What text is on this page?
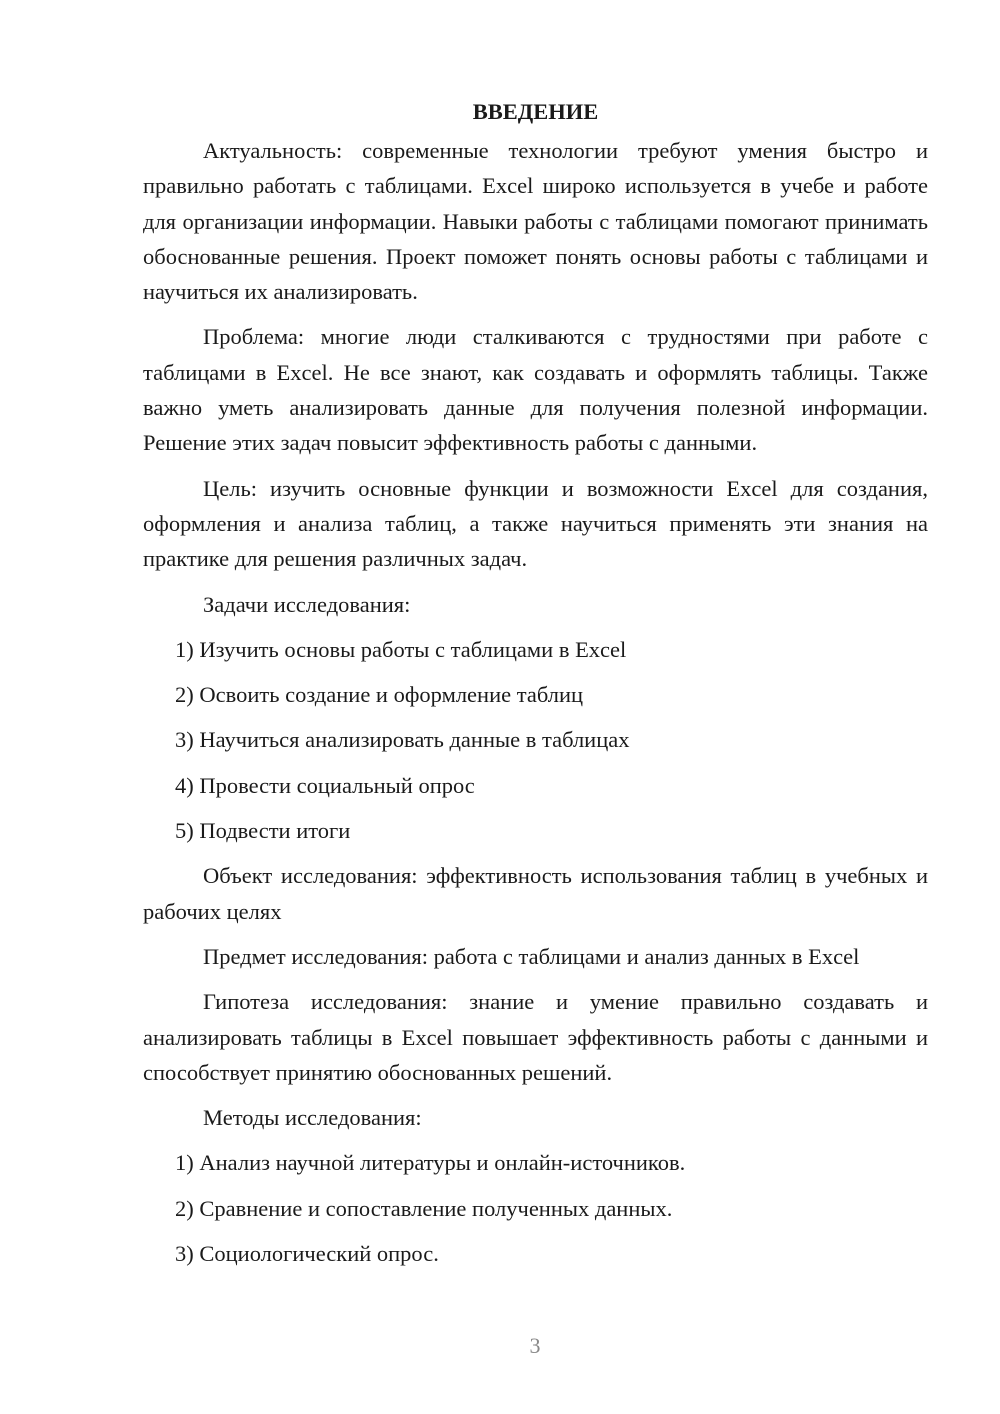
ВВЕДЕНИЕ

Актуальность: современные технологии требуют умения быстро и правильно работать с таблицами. Excel широко используется в учебе и работе для организации информации. Навыки работы с таблицами помогают принимать обоснованные решения. Проект поможет понять основы работы с таблицами и научиться их анализировать.

Проблема: многие люди сталкиваются с трудностями при работе с таблицами в Excel. Не все знают, как создавать и оформлять таблицы. Также важно уметь анализировать данные для получения полезной информации. Решение этих задач повысит эффективность работы с данными.

Цель: изучить основные функции и возможности Excel для создания, оформления и анализа таблиц, а также научиться применять эти знания на практике для решения различных задач.

Задачи исследования:

1) Изучить основы работы с таблицами в Excel
2) Освоить создание и оформление таблиц
3) Научиться анализировать данные в таблицах
4) Провести социальный опрос
5) Подвести итоги

Объект исследования: эффективность использования таблиц в учебных и рабочих целях

Предмет исследования: работа с таблицами и анализ данных в Excel

Гипотеза исследования: знание и умение правильно создавать и анализировать таблицы в Excel повышает эффективность работы с данными и способствует принятию обоснованных решений.

Методы исследования:

1) Анализ научной литературы и онлайн-источников.
2) Сравнение и сопоставление полученных данных.
3) Социологический опрос.
3
